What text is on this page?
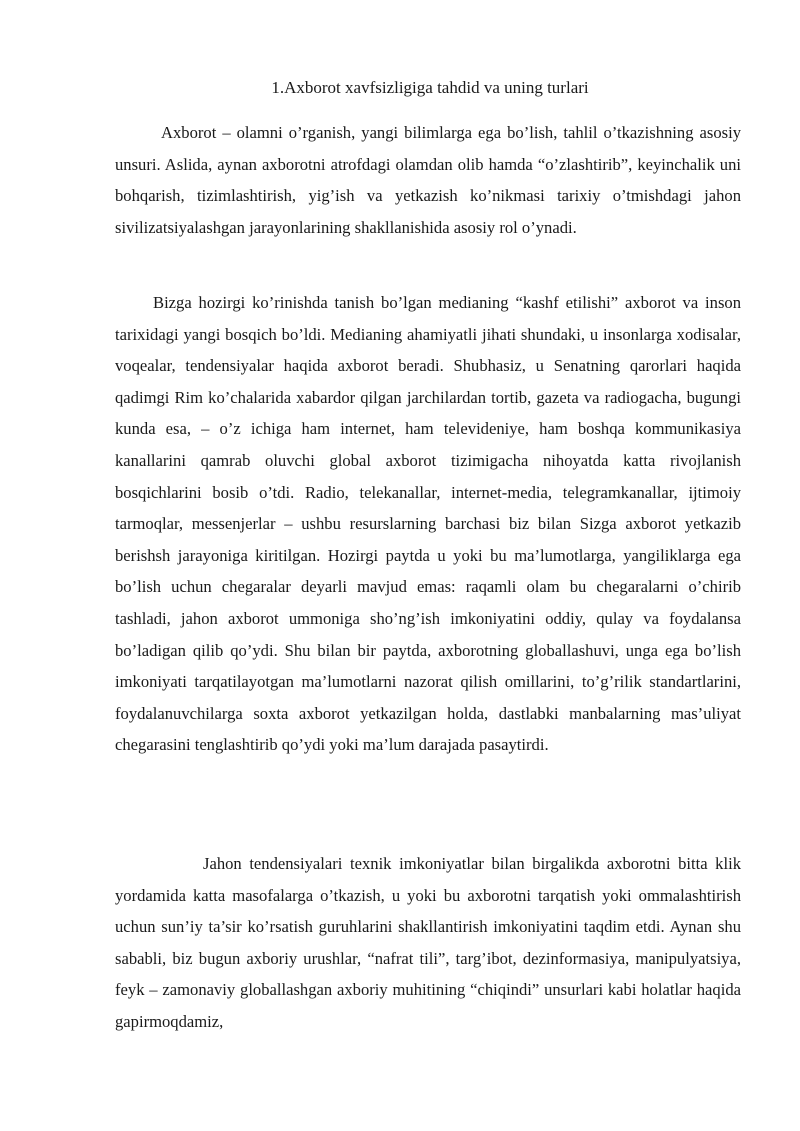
1.Axborot xavfsizligiga tahdid va uning turlari

Axborot – olamni o’rganish, yangi bilimlarga ega bo’lish, tahlil o’tkazishning asosiy unsuri. Aslida, aynan axborotni atrofdagi olamdan olib hamda “o’zlashtirib”, keyinchalik uni bohqarish, tizimlashtirish, yig’ish va yetkazish ko’nikmasi tarixiy o’tmishdagi jahon sivilizatsiyalashgan jarayonlarining shakllanishida asosiy rol o’ynadi.

Bizga hozirgi ko’rinishda tanish bo’lgan medianing “kashf etilishi” axborot va inson tarixidagi yangi bosqich bo’ldi. Medianing ahamiyatli jihati shundaki, u insonlarga xodisalar, voqealar, tendensiyalar haqida axborot beradi. Shubhasiz, u Senatning qarorlari haqida qadimgi Rim ko’chalarida xabardor qilgan jarchilardan tortib, gazeta va radiogacha, bugungi kunda esa, – o’z ichiga ham internet, ham televideniye, ham boshqa kommunikasiya kanallarini qamrab oluvchi global axborot tizimigacha nihoyatda katta rivojlanish bosqichlarini bosib o’tdi. Radio, telekanallar, internet-media, telegramkanallar, ijtimoiy tarmoqlar, messenjerlar – ushbu resurslarning barchasi biz bilan Sizga axborot yetkazib berishsh jarayoniga kiritilgan. Hozirgi paytda u yoki bu ma’lumotlarga, yangiliklarga ega bo’lish uchun chegaralar deyarli mavjud emas: raqamli olam bu chegaralarni o’chirib tashladi, jahon axborot ummoniga sho’ng’ish imkoniyatini oddiy, qulay va foydalansa bo’ladigan qilib qo’ydi. Shu bilan bir paytda, axborotning globallashuvi, unga ega bo’lish imkoniyati tarqatilayotgan ma’lumotlarni nazorat qilish omillarini, to’g’rilik standartlarini, foydalanuvchilarga soxta axborot yetkazilgan holda, dastlabki manbalarning mas’uliyat chegarasini tenglashtirib qo’ydi yoki ma’lum darajada pasaytirdi.

Jahon tendensiyalari texnik imkoniyatlar bilan birgalikda axborotni bitta klik yordamida katta masofalarga o’tkazish, u yoki bu axborotni tarqatish yoki ommalashtirish uchun sun’iy ta’sir ko’rsatish guruhlarini shakllantirish imkoniyatini taqdim etdi. Aynan shu sababli, biz bugun axboriy urushlar, “nafrat tili”, targ’ibot, dezinformasiya, manipulyatsiya, feyk – zamonaviy globallashgan axboriy muhitining “chiqindi” unsurlari kabi holatlar haqida gapirmoqdamiz,
